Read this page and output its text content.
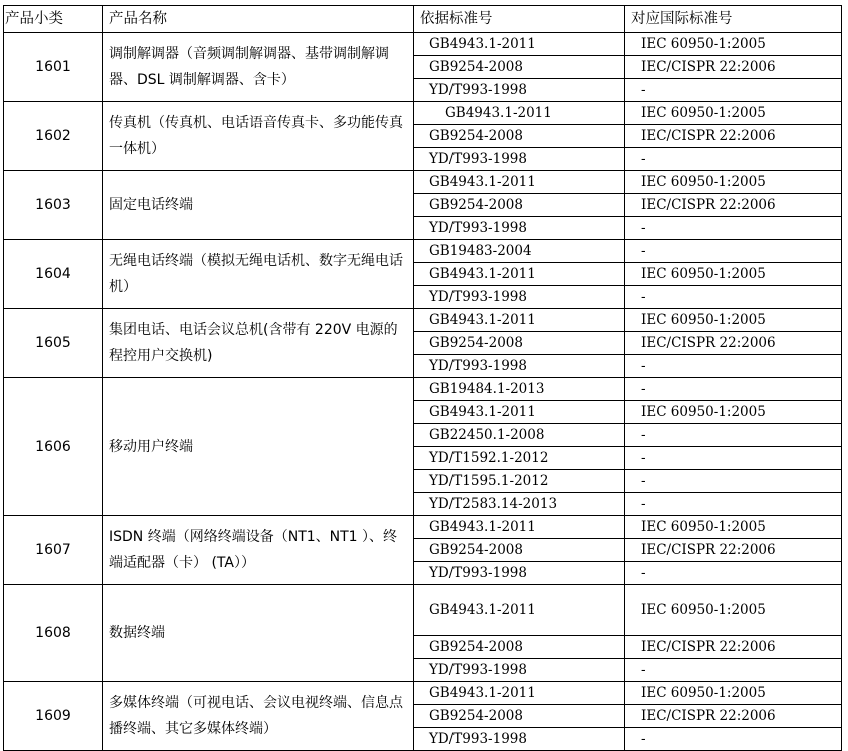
产品小类	产品名称	依据标准号	对应国际标准号
1601	调制解调器（音频调制解调器、基带调制解调器、DSL 调制解调器、含卡）	GB4943.1-2011	IEC 60950-1:2005
		GB9254-2008	IEC/CISPR 22:2006
		YD/T993-1998	-
1602	传真机（传真机、电话语音传真卡、多功能传真一体机）	GB4943.1-2011	IEC 60950-1:2005
		GB9254-2008	IEC/CISPR 22:2006
		YD/T993-1998	-
1603	固定电话终端	GB4943.1-2011	IEC 60950-1:2005
		GB9254-2008	IEC/CISPR 22:2006
		YD/T993-1998	-
1604	无绳电话终端（模拟无绳电话机、数字无绳电话机）	GB19483-2004	-
		GB4943.1-2011	IEC 60950-1:2005
		YD/T993-1998	-
1605	集团电话、电话会议总机(含带有 220V 电源的程控用户交换机)	GB4943.1-2011	IEC 60950-1:2005
		GB9254-2008	IEC/CISPR 22:2006
		YD/T993-1998	-
1606	移动用户终端	GB19484.1-2013	-
		GB4943.1-2011	IEC 60950-1:2005
		GB22450.1-2008	-
		YD/T1592.1-2012	-
		YD/T1595.1-2012	-
		YD/T2583.14-2013	-
1607	ISDN 终端（网络终端设备（NT1、NT1 ）、终端适配器（卡） (TA））	GB4943.1-2011	IEC 60950-1:2005
		GB9254-2008	IEC/CISPR 22:2006
		YD/T993-1998	-
1608	数据终端	GB4943.1-2011	IEC 60950-1:2005
		GB9254-2008	IEC/CISPR 22:2006
		YD/T993-1998	-
1609	多媒体终端（可视电话、会议电视终端、信息点播终端、其它多媒体终端）	GB4943.1-2011	IEC 60950-1:2005
		GB9254-2008	IEC/CISPR 22:2006
		YD/T993-1998	-
